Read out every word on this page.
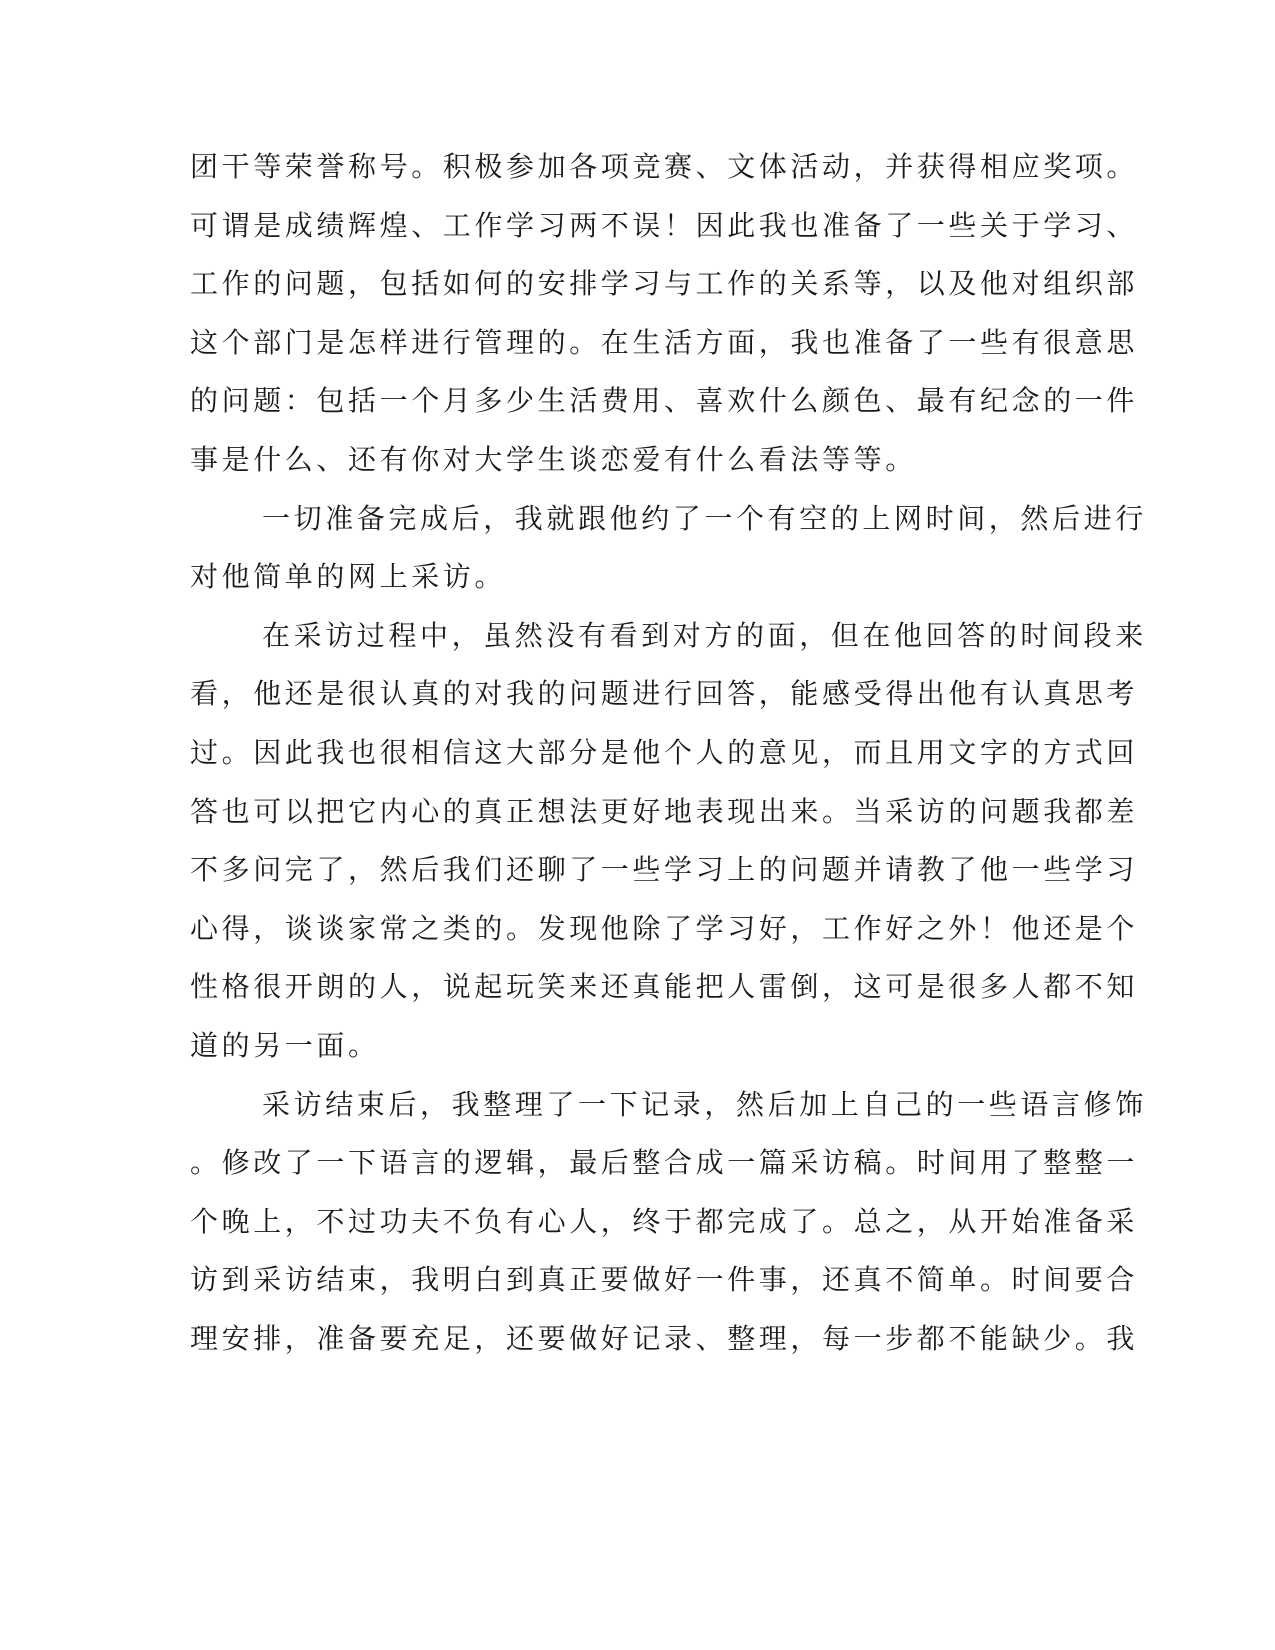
团干等荣誉称号。积极参加各项竞赛、文体活动，并获得相应奖项。
可谓是成绩辉煌、工作学习两不误！因此我也准备了一些关于学习、
工作的问题，包括如何的安排学习与工作的关系等，以及他对组织部
这个部门是怎样进行管理的。在生活方面，我也准备了一些有很意思
的问题：包括一个月多少生活费用、喜欢什么颜色、最有纪念的一件
事是什么、还有你对大学生谈恋爱有什么看法等等。
一切准备完成后，我就跟他约了一个有空的上网时间，然后进行
对他简单的网上采访。
在采访过程中，虽然没有看到对方的面，但在他回答的时间段来
看，他还是很认真的对我的问题进行回答，能感受得出他有认真思考
过。因此我也很相信这大部分是他个人的意见，而且用文字的方式回
答也可以把它内心的真正想法更好地表现出来。当采访的问题我都差
不多问完了，然后我们还聊了一些学习上的问题并请教了他一些学习
心得，谈谈家常之类的。发现他除了学习好，工作好之外！他还是个
性格很开朗的人，说起玩笑来还真能把人雷倒，这可是很多人都不知
道的另一面。
采访结束后，我整理了一下记录，然后加上自己的一些语言修饰
。修改了一下语言的逻辑，最后整合成一篇采访稿。时间用了整整一
个晚上，不过功夫不负有心人，终于都完成了。总之，从开始准备采
访到采访结束，我明白到真正要做好一件事，还真不简单。时间要合
理安排，准备要充足，还要做好记录、整理，每一步都不能缺少。我
